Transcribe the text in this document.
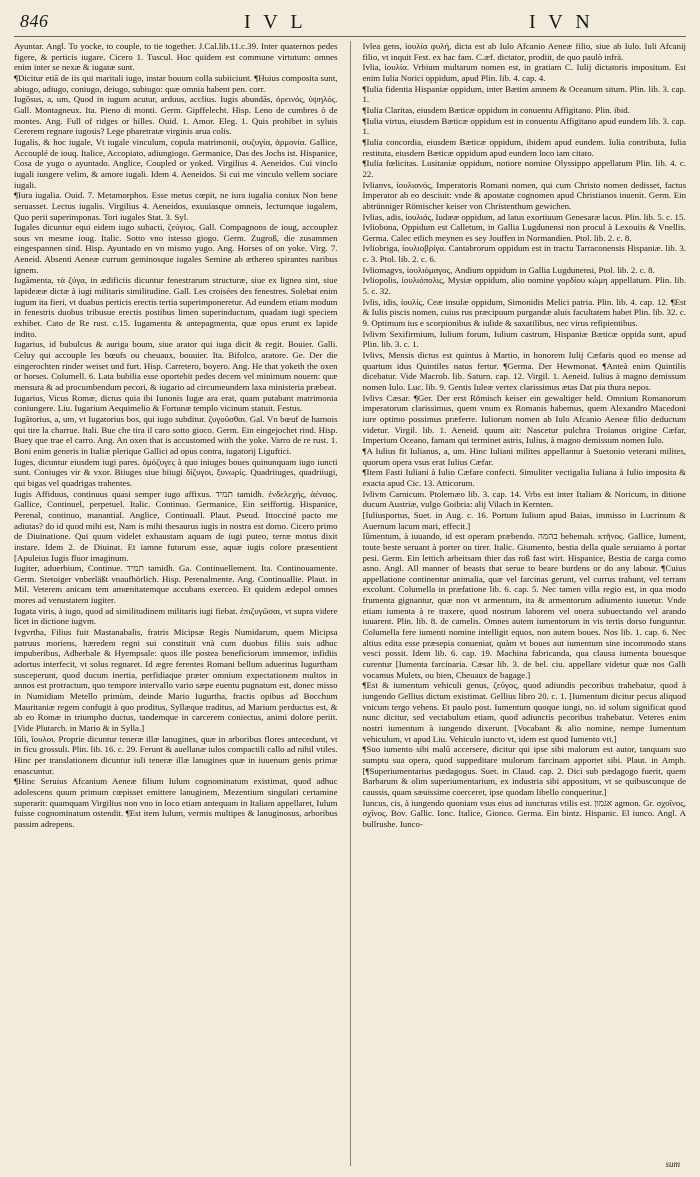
846	I V L	I V N

Ayuntar. Angl. To yocke, to couple, to tie together. J.Cal.lib.11.c.39. Inter quaternos pedes figere, & perticis iugare. Cicero 1. Tuscul. Hoc quidem est commune virtutum: omnes enim inter se nexæ & iugatæ sunt.

¶Dicitur etiā de iis qui maritali iugo, instar bouum colla subiiciunt. ¶Huius composita sunt, abiugo, adiugo, coniugo, deiugo, subiugo: quæ omnia habent pen. corr.

Iugōsus, a, um, Quod in iugum acutur, arduus, acclius. Iugis abundās, ὀρεινός, ὑψηλός. Gall. Montagneux. Ita. Pieno di monti. Germ. Gipffelecht. Hisp. Leno de cumbres ò de montes. Ang. Full of ridges or hilles. Ouid. 1. Amor. Eleg. 1. Quis prohibet in syluis Cererem regnare iugosis? Lege pharetratæ virginis arua colis.

Iugalis, & hoc iugale, Vt iugale vinculum, copula matrimonii, συζυγία, ἀρμονία. Gallice, Accouplé de iouq. Italice, Accopiato, adiungiogo. Germanice, Das des Jochs ist. Hispanice, Cosa de yugo o ayuntado. Anglice, Coupled or yoked. Virgilius 4. Aeneidos. Cui vinclo iugali iungere velim, & amore iugali. Idem 4. Aeneidos. Si cui me vinculo vellem sociare iugali.

¶Iura iugalia. Ouid. 7. Metamorphos. Esse metus cœpit, ne iura iugalia coniux Non bene seruasset. Lectus iugalis. Virgilius 4. Aeneidos, exuuiasque omneis, lectumque iugalem, Quo perii superimponas. Tori iugales Stat. 3. Syl.

Iugales dicuntur equi eidem iugo subacti, ζεύγιος. Gall. Compagnons de ioug, accouplez sous vn mesme ioug. Italic. Sotto vno istesso giogo. Germ. Zugroß, die zusammen eingespannen sind. Hisp. Ayuntado en vn mismo yugo. Ang. Horses of on yoke. Virg. 7. Aeneid. Absenti Aeneæ currum geminosque iugales Semine ab æthereo spirantes naribus ignem.

Iugāmenta, τὰ ζύγα, in ædificiis dicuntur fenestrarum structuræ, siue ex lignea sint, siue lapideææ dictæ à iugi militaris similitudine. Gall. Les croisées des fenestres. Solebat enim iugum ita fieri, vt duabus perticis erectis tertia superimponeretur. Ad eundem etiam modum in fenestris duobus tribusue erectis postibus limen superinductum, quadam iugi speciem exhibet. Cato de Re rust. c.15. Iugamenta & antepagmenta, quæ opus erunt ex lapide indito.

Iugarius, id bubulcus & auriga boum, siue arator qui iuga dicit & regit. Bouier. Galli. Celuy qui accouple les bœufs ou cheuaux, bouuier. Ita. Bifolco, aratore. Ge. Der die eingerochten rinder weiset und furt. Hisp. Carretero, boyero. Ang. He that yoketh the oxen or horses. Columell. 6. Lata bubilia esse oportebit pedes decem vel minimum nouem: quæ mensura & ad procumbendum pecori, & iugario ad circumeundem laxa ministeria præbeat.

Iugarius, Vicus Romæ, dictus quia ibi Iunonis Iugæ ara erat, quam putabant matrimonia coniungere. Liu. Iugarium Aequimelio & Fortunæ templo vicinum statuit. Festus.

Iugātorius, a, um, vt Iugatorius bos, qui iugo subditur. ζυγοῦσθαι. Gal. Vn bœuf de harnois qui tire la charrue. Itali. Bue che tira il caro sotto gioco. Germ. Ein eingejochet rind. Hisp. Buey que trae el carro. Ang. An oxen that is accustomed with the yoke. Varro de re rust. 1. Boni enim generis in Italiæ plerique Gallici ad opus contra, iugatorij Liguftici.

Iuges, dicuntur eiusdem iugi pares. ὁμόζυγες à quo iniuges boues quinunquam iugo iuncti sunt. Coniuges vir & vxor. Biiuges siue biiugi δίζυγοι, ξυνωρίς. Quadriiuges, quadriiugi, qui bigas vel quadrigas trahentes.

Iugis Affiduus, continuus quasi semper iugo affixus. תמיד tamidh. ἐνδελεχής, ἀέναος. Gallice, Continuel, perpetuel. Italic. Continuo. Germanice, Ein seiffortig. Hispanice, Perenal, continuo, manantial. Anglice, Continuall. Plaut. Pseud. Ittocciné pacto me adiutas? do id quod mihi est, Nam is mihi thesaurus iugis in nostra est domo. Cicero primo de Diuinatione. Qui quum videlet exhaustam aquam de iugi puteo, terræ motus dixit instare. Idem 2. de Diuinat. Et iamne futurum esse, aquæ iugis colore præsentient [Apuleius Iugis fluor imaginum.

Iugiter, aduerbium, Continue. תמיד tamidh. Ga. Continuellement. Ita. Continouamente. Germ. Stetoiger vnberläßt vnaufhörlich. Hisp. Perenalmente. Ang. Continuallie. Plaut. in Mil. Veterem anicam tem amœnitatemque accubans exerceo. Et quidem ædepol omnes mores ad venustatem iugiter.

Iugata viris, à iugo, quod ad similitudinem militaris iugi fiebat. ἐπιζυγῶσαι, vt supra videre licet in dictione iugvm.

Ivgvrtha, Filius fuit Mastanabalis, fratris Micipsæ Regis Numidarum, quem Micipsa patruus moriens, hæredem regni sui constituit vnà cum duobus filiis suis adhuc impuberibus, Adherbale & Hyempsale: quos ille postea beneficiorum immemor, infidiis adortus interfecit, vt solus regnaret. Id ægre ferentes Romani bellum adueritus Iugurtham susceperunt, quod ducum inertia, perfidiaque præter omnium expectationem multos in annos est protractum, quo tempore intervallo vario sæpe euentu pugnatum est, donec misso in Numidiam Metello primùm, deinde Mario Iugurtha, fractis opibus ad Bocchum Mauritaniæ regem confugit à quo proditus, Syllæque traditus, ad Marium perductus est, & ab eo Romæ in triumpho ductus, tandemque in carcerem coniectus, animi dolore periit. [Vide Plutarch. in Mario & in Sylla.]

Iūli, ἴουλοι. Proprie dicuntur teneræ illæ lanugines, quæ in arboribus flores antecedunt, vt in ficu grossuli. Plin. lib. 16. c. 29. Ferunt & auellanæ iulos compactili callo ad nihil vtiles. Hinc per translationem dicuntur iuli teneræ illæ lanugines quæ in iuuenum genis primæ enascuntur.

¶Hinc Seruius Afcanium Aeneæ filium Iulum cognominatum existimat, quod adhuc adolescens quum primum cœpisset emittere lanuginem, Mezentium singulari certamine superarit: quamquam Virgilius non vno in loco etiam antequam in Italiam appellaret, Iulum fuisse cognominatum ostendit. ¶Est item Iulum, vermis multipes & lanuginosus, arboribus passim adrepens.

Ivlea gens, ἰουλία φυλή, dicta est ab Iulo Afcanio Aeneæ filio, siue ab Iulo. Iuli Afcanij filio, vt inquit Fest. ex hac fam. C.æf. dictator, prodiit, de quo paulò infrà.

Ivlia, ἰουλία. Vrbium multarum nomen est, in gratiam C. Iulij dictatoris impositum. Est enim Iulia Norici oppidum, apud Plin. lib. 4. cap. 4.

¶Iulia fidentia Hispaniæ oppidum, inter Bætim amnem & Oceanum situm. Plin. lib. 3. cap. 1.

¶Iulia Claritas, eiusdem Bæticæ oppidum in conuentu Affigitano. Plin. ibid.

¶Iulia virtus, eiusdem Bæticæ oppidum est in conuentu Affigitano apud eundem lib. 3. cap. 1.

¶Iulia concordia, eiusdem Bæticæ oppidum, ibidem apud eundem. Iulia contributa, Iulia restituta, eiusdem Bæticæ oppidum apud eundem loco iam citato.

¶Iulia fœlicitas. Lusitaniæ oppidum, notiore nomine Olyssippo appellatum Plin. lib. 4. c. 22.

Ivlianvs, ἰουλιανός, Imperatoris Romani nomen, qui cum Christo nomen dedisset, factus Imperator ab eo desciuit: vnde & apostatæ cognomen apud Christianos inuenit. Germ. Ein abtrünniger Römischer keiser von Christenthum gewichen.

Ivlias, adis, ἰουλιάς, Iudææ oppidum, ad latus exortiuum Genesaræ lacus. Plin. lib. 5. c. 15.

Ivliobona, Oppidum est Calletum, in Gallia Lugdunensi non procul à Lexouiis & Vnellis. Germa. Calec etlich meynen es sey Jouffen in Normandien. Ptol. lib. 2. c. 8.

Ivliobriga, ἰουλιοβρίγα. Cantabrorum oppidum est in tractu Tarraconensis Hispaniæ. lib. 3. c. 3. Ptol. lib. 2. c. 6.

Ivliomagvs, ἰουλιόμαγος, Andium oppidum in Gallia Lugdunensi, Ptol. lib. 2. c. 8.

Ivliopolis, ἰουλιόπολις, Mysiæ oppidum, alio nomine γορδίου κώμη appellatum. Plin. lib. 5. c. 32.

Ivlis, idis, ἰουλίς, Ceæ insulæ oppidum, Simonidis Melici patria. Plin. lib. 4. cap. 12. ¶Est & Iulis piscis nomen, cuius rus præcipuum purgandæ aluis facultatem habet Plin. lib. 32. c. 9. Optimum ius e scorpionibus & iulide & saxatilibus, nec virus refipientibus.

Ivlivm Sexifirmium, Iulium forum, Iulium castrum, Hispaniæ Bæticæ oppida sunt, apud Plin. lib. 3. c. 1.

Ivlivs, Mensis dictus est quintus à Martio, in honorem Iulij Cæfaris quod eo mense ad quartum idus Quintiles natus fertur. ¶Germa. Der Hewmonat. ¶Anteà enim Quintilis dicebatur. Vide Macrob. lib. Saturn. cap. 12. Virgil. 1. Aeneid. Iulius à magno demissum nomen Iulo. Luc. lib. 9. Gentis Iuleæ vertex clarissimus ætas Dat pia thura nepos.

Ivlivs Cæsar. ¶Ger. Der erst Römisch keiser ein gewaltiger held. Omnium Romanorum imperatorum clarissimus, quem vnum ex Romanis habemus, quem Alexandro Macedoni iure optimo possimus præferre. Iuliorum nomen ab Iulo Afcanio Aeneæ filio deductum videtur. Virgil. lib. 1. Aeneid. quum ait: Nascetur pulchra Troianus origine Cæfar, Imperium Oceano, famam qui terminet astris, Iulius, à magno demissum nomen Iulo.

¶A Iulius fit Iulianus, a, um. Hinc Iuliani milites appellantur à Suetonio veterani milites, quorum opera vsus erat Iulius Cæfar.

¶Item Fasti Iuliani à Iulio Cæfare confecti. Simuliter vectigalia Iuliana à Iulio imposita & exacta apud Cic. 13. Atticorum.

Ivlivm Carnicum. Ptolemæo lib. 3. cap. 14. Vrbs est inter Italiam & Noricum, in ditione ducum Austriæ, vulgo Goibria: alij Vilach in Kernten.

[Iuliusportus, Suet. in Aug. c. 16. Portum Iulium apud Baias, immisso in Lucrinum & Auernum lacum mari, effecit.]

Iūmentum, à iuuando, id est operam præbendo. בהמה behemah. κτῆνος. Gallice, Iument, toute beste seruant à porter ou tirer. Italic. Giumento, bestia della quale seruiamo à portar pesi. Germ. Ein lettich arbeitsam thier das roß fast wirt. Hispanice, Bestia de carga como asno. Angl. All manner of beasts that serue to beare burdens or do any labour. ¶Cuius appellatione continentur animalia, quæ vel farcinas gerunt, vel currus trahunt, vel terram excolunt. Columella in præfatione lib. 6. cap. 5. Nec tamen villa regio est, in qua modo frumenta gignantur, quæ non vt armentum, ita & armentorum adiumento iuuetur. Vnde etiam iumenta à re traxere, quod nostrum laborem vel onera subuectando vel arando iuuarent. Plin. lib. 8. de camelis. Omnes autem iumentorum in vis tertis dorso funguntur. Columella fere iumenti nomine intelligit equos, non autem boues. Nos lib. 1. cap. 6. Nec altius edita esse præsepia conueniat, quàm vt boues aut iumentum sine incommodo stans vesci possit. Idem lib. 6. cap. 19. Machina fabricanda, qua clausa iumenta bouesque curentur [Iumenta farcinaria. Cæsar lib. 3. de bel. ciu. appellare videtur quæ nos Galli vocamus Mulets, ou bien, Cheuaux de bagage.]

¶Est & iumentum vehiculi genus, ζεῦγος, quod adiundis pecoribus trahebatur, quod à iungendo Gellius dictum existimat. Gellius libro 20. c. 1. [Iumentum dicitur pecus aliquod vnicum tergo vehens. Et paulo post. Iumentum quoque iungi, no. id solum significat quod nunc dicitur, sed vectabulum etiam, quod adiunctis pecoribus trahebatur. Veteres enim nostri iumentum à iungendo dixerunt. [Vocabant & alio nomine, nempe Iumentum vehiculum, vt apud Liu. Vehiculo iuncto vt, idem est quod Iumento vti.]

¶Suo iumento sibi malū accersere, dicitur qui ipse sibi malorum est autor, tanquam suo sumptu sua opera, quod suppeditare mulorum farcinam apportet sibi. Plaut. in Amph. [¶Superiumentarius pædagogus. Suet. in Claud. cap. 2. Dici sub pædagogo fuerit, quem Barbarum & olim superiumentarium, ex industria sibi appositum, vt se quibuscunque de caussis, quam sæuissime coerceret, ipse quodam libello conqueritur.]

Iuncus, cis, à iungendo quoniam vsus eius ad iuncturas vtilis est. אגמון agmon. Gr. σχοῖνος, σχῖνος. Bov. Gallic. Ionc. Italice, Gionco. Germa. Ein bintz. Hispanic. El iunco. Angl. A bullrushe. Iunco-

sum
